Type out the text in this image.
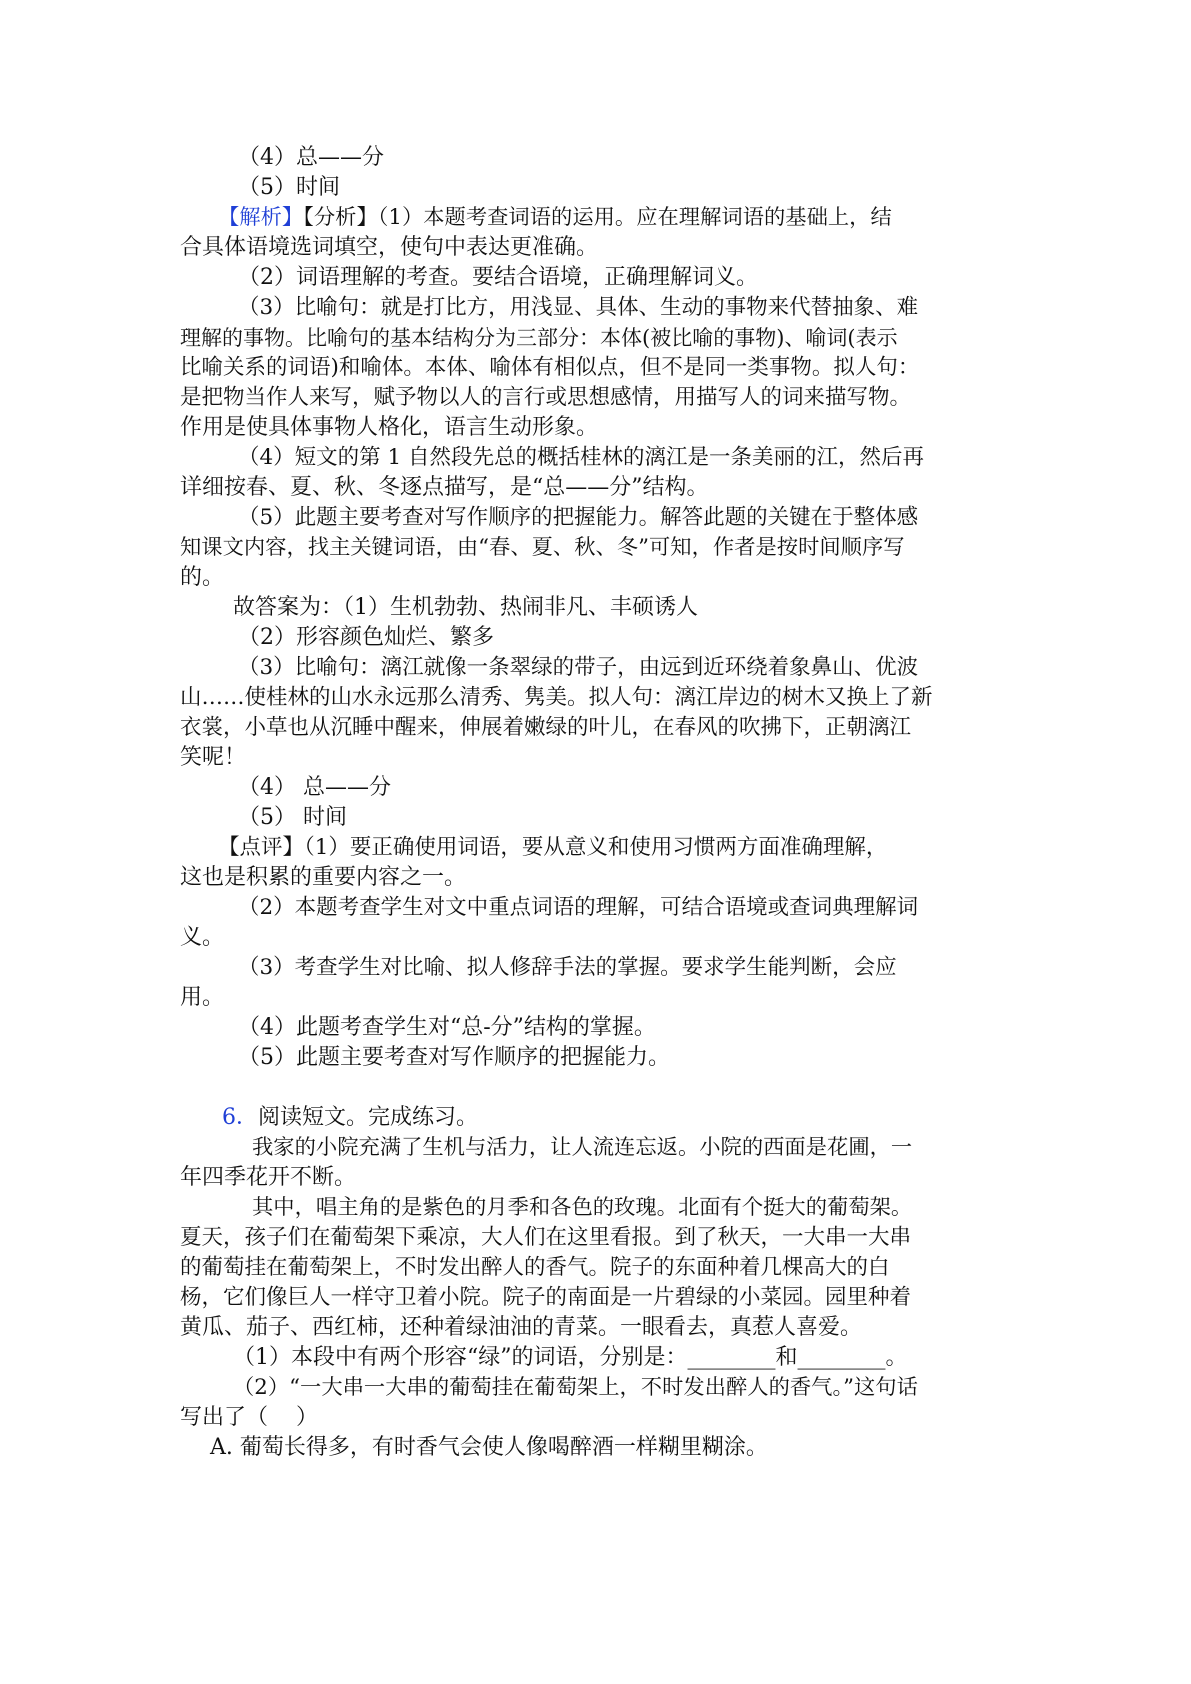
（4）总——分
（5）时间
【解析】【分析】（1）本题考查词语的运用。应在理解词语的基础上，结
合具体语境选词填空，使句中表达更准确。
（2）词语理解的考查。要结合语境，正确理解词义。
（3）比喻句：就是打比方，用浅显、具体、生动的事物来代替抽象、难
理解的事物。比喻句的基本结构分为三部分：本体(被比喻的事物)、喻词(表示
比喻关系的词语)和喻体。本体、喻体有相似点，但不是同一类事物。拟人句：
是把物当作人来写，赋予物以人的言行或思想感情，用描写人的词来描写物。
作用是使具体事物人格化，语言生动形象。
（4）短文的第 1 自然段先总的概括桂林的漓江是一条美丽的江，然后再
详细按春、夏、秋、冬逐点描写，是“总——分”结构。
（5）此题主要考查对写作顺序的把握能力。解答此题的关键在于整体感
知课文内容，找主关键词语，由“春、夏、秋、冬”可知，作者是按时间顺序写
的。
故答案为：（1）生机勃勃、热闹非凡、丰硕诱人
（2）形容颜色灿烂、繁多
（3）比喻句：漓江就像一条翠绿的带子，由远到近环绕着象鼻山、优波
山……使桂林的山水永远那么清秀、隽美。拟人句：漓江岸边的树木又换上了新
衣裳，小草也从沉睡中醒来，伸展着嫩绿的叶儿，在春风的吹拂下，正朝漓江
笑呢！
（4） 总——分
（5） 时间
【点评】（1）要正确使用词语，要从意义和使用习惯两方面准确理解，
这也是积累的重要内容之一。
（2）本题考查学生对文中重点词语的理解，可结合语境或查词典理解词
义。
（3）考查学生对比喻、拟人修辞手法的掌握。要求学生能判断，会应
用。
（4）此题考查学生对“总-分”结构的掌握。
（5）此题主要考查对写作顺序的把握能力。
6．阅读短文。完成练习。
我家的小院充满了生机与活力，让人流连忘返。小院的西面是花圃，一
年四季花开不断。
其中，唱主角的是紫色的月季和各色的玫瑰。北面有个挺大的葡萄架。
夏天，孩子们在葡萄架下乘凉，大人们在这里看报。到了秋天，一大串一大串
的葡萄挂在葡萄架上，不时发出醉人的香气。院子的东面种着几棵高大的白
杨，它们像巨人一样守卫着小院。院子的南面是一片碧绿的小菜园。园里种着
黄瓜、茄子、西红柿，还种着绿油油的青菜。一眼看去，真惹人喜爱。
（1）本段中有两个形容“绿”的词语，分别是：________和________。
（2）“一大串一大串的葡萄挂在葡萄架上，不时发出醉人的香气。”这句话
写出了（    ）
A. 葡萄长得多，有时香气会使人像喝醉酒一样糊里糊涂。
